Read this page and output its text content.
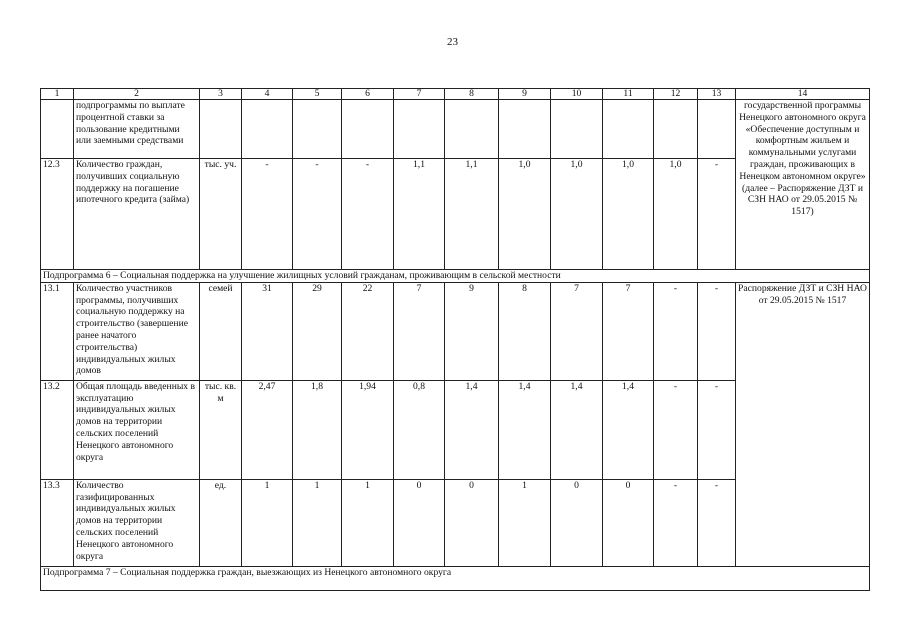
23
1	2	3	4	5	6	7	8	9	10	11	12	13	14
	подпрограммы по выплате процентной ставки за пользование кредитными или заемными средствами												государственной программы Ненецкого автономного округа «Обеспечение доступным и комфортным жильем и коммунальными услугами граждан, проживающих в Ненецком автономном округе» (далее – Распоряжение ДЗТ и СЗН НАО от 29.05.2015 № 1517)
12.3	Количество граждан, получивших социальную поддержку на погашение ипотечного кредита (займа)	тыс. уч.	-	-	-	1,1	1,1	1,0	1,0	1,0	1,0	-	
Подпрограмма 6 – Социальная поддержка на улучшение жилищных условий гражданам, проживающим в сельской местности													
13.1	Количество участников программы, получивших социальную поддержку на строительство (завершение ранее начатого строительства) индивидуальных жилых домов	семей	31	29	22	7	9	8	7	7	-	-	Распоряжение ДЗТ и СЗН НАО от 29.05.2015 № 1517
13.2	Общая площадь введенных в эксплуатацию индивидуальных жилых домов на территории сельских поселений Ненецкого автономного округа	тыс. кв. м	2,47	1,8	1,94	0,8	1,4	1,4	1,4	1,4	-	-	
13.3	Количество газифицированных индивидуальных жилых домов на территории сельских поселений Ненецкого автономного округа	ед.	1	1	1	0	0	1	0	0	-	-	
Подпрограмма 7 – Социальная поддержка граждан, выезжающих из Ненецкого автономного округа													
